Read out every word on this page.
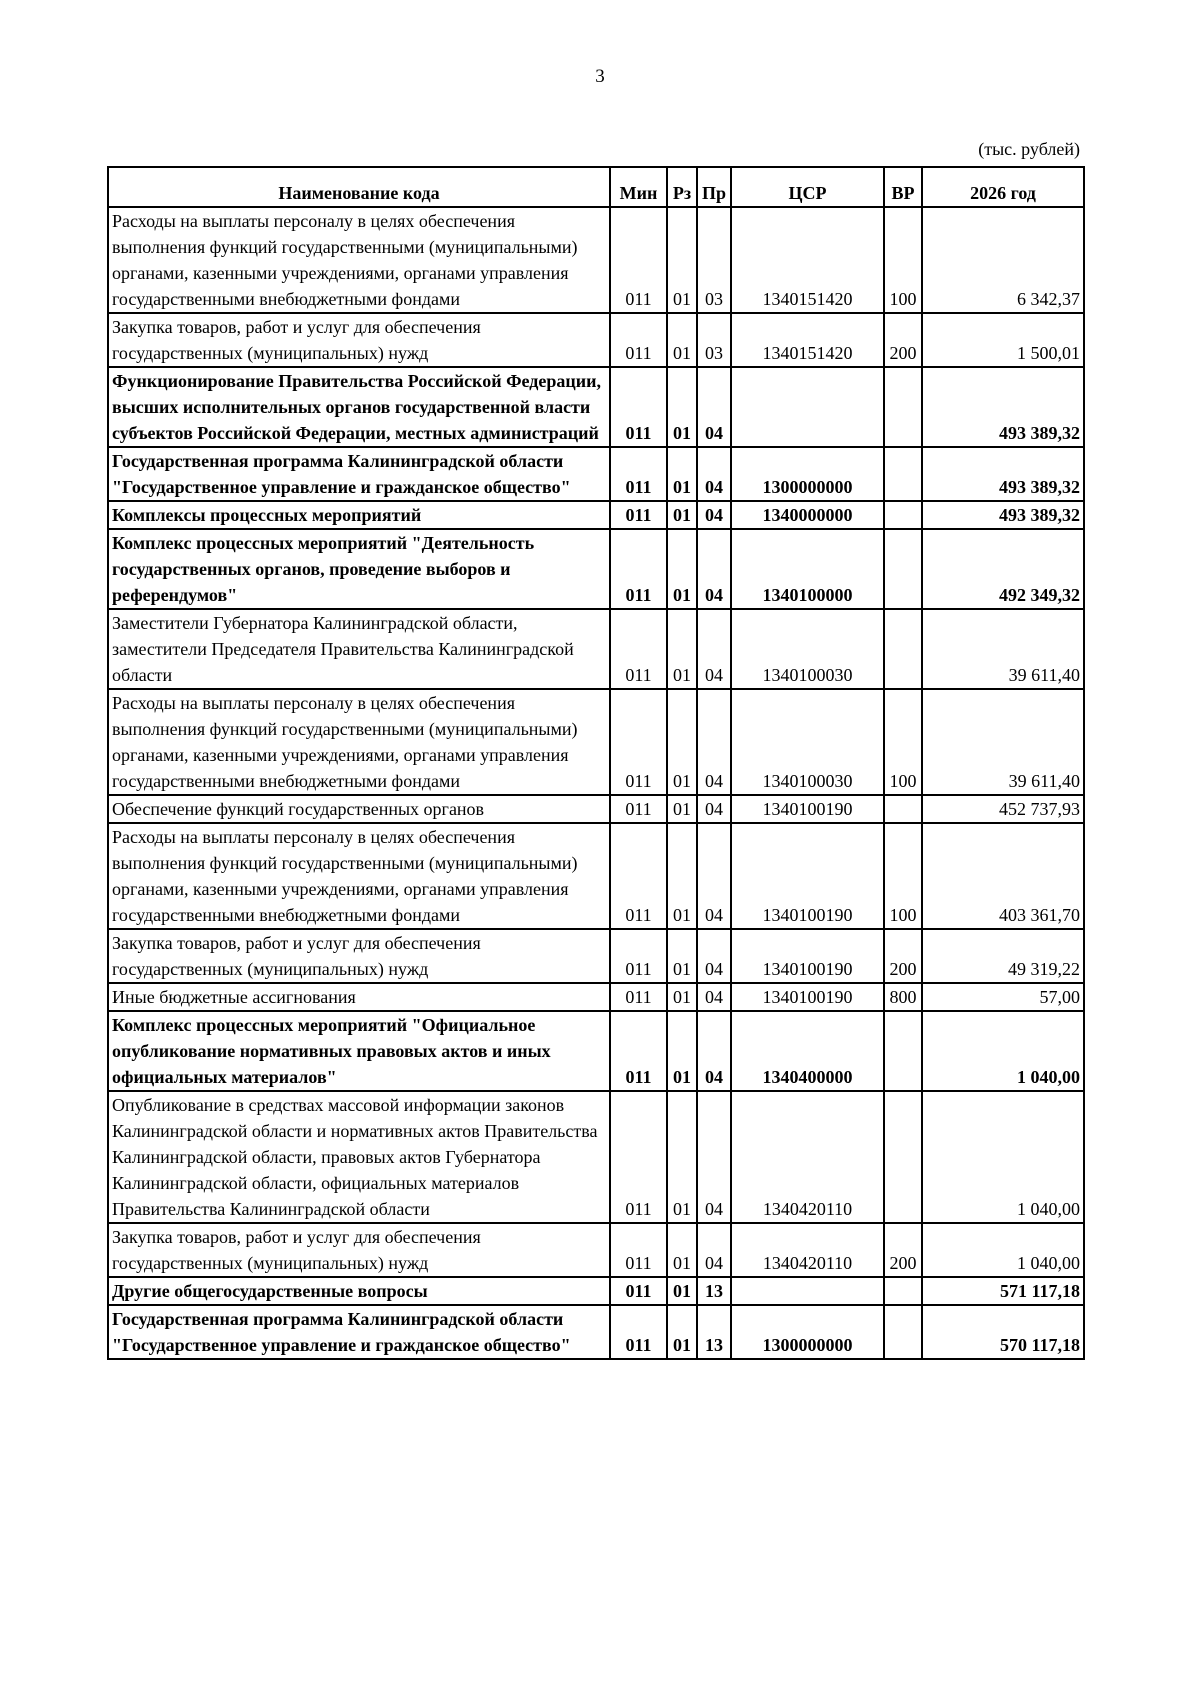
3
(тыс. рублей)
Наименование кода	Мин	Рз	Пр	ЦСР	ВР	2026 год
Расходы на выплаты персоналу в целях обеспечения выполнения функций государственными (муниципальными) органами, казенными учреждениями, органами управления государственными внебюджетными фондами	011	01	03	1340151420	100	6 342,37
Закупка товаров, работ и услуг для обеспечения государственных (муниципальных) нужд	011	01	03	1340151420	200	1 500,01
Функционирование Правительства Российской Федерации, высших исполнительных органов государственной власти субъектов Российской Федерации, местных администраций	011	01	04			493 389,32
Государственная программа Калининградской области "Государственное управление и гражданское общество"	011	01	04	1300000000		493 389,32
Комплексы процессных мероприятий	011	01	04	1340000000		493 389,32
Комплекс процессных мероприятий "Деятельность государственных органов, проведение выборов и референдумов"	011	01	04	1340100000		492 349,32
Заместители Губернатора Калининградской области, заместители Председателя Правительства Калининградской области	011	01	04	1340100030		39 611,40
Расходы на выплаты персоналу в целях обеспечения выполнения функций государственными (муниципальными) органами, казенными учреждениями, органами управления государственными внебюджетными фондами	011	01	04	1340100030	100	39 611,40
Обеспечение функций государственных органов	011	01	04	1340100190		452 737,93
Расходы на выплаты персоналу в целях обеспечения выполнения функций государственными (муниципальными) органами, казенными учреждениями, органами управления государственными внебюджетными фондами	011	01	04	1340100190	100	403 361,70
Закупка товаров, работ и услуг для обеспечения государственных (муниципальных) нужд	011	01	04	1340100190	200	49 319,22
Иные бюджетные ассигнования	011	01	04	1340100190	800	57,00
Комплекс процессных мероприятий "Официальное опубликование нормативных правовых актов и иных официальных материалов"	011	01	04	1340400000		1 040,00
Опубликование в средствах массовой информации законов Калининградской области и нормативных актов Правительства Калининградской области, правовых актов Губернатора Калининградской области, официальных материалов Правительства Калининградской области	011	01	04	1340420110		1 040,00
Закупка товаров, работ и услуг для обеспечения государственных (муниципальных) нужд	011	01	04	1340420110	200	1 040,00
Другие общегосударственные вопросы	011	01	13			571 117,18
Государственная программа Калининградской области "Государственное управление и гражданское общество"	011	01	13	1300000000		570 117,18
